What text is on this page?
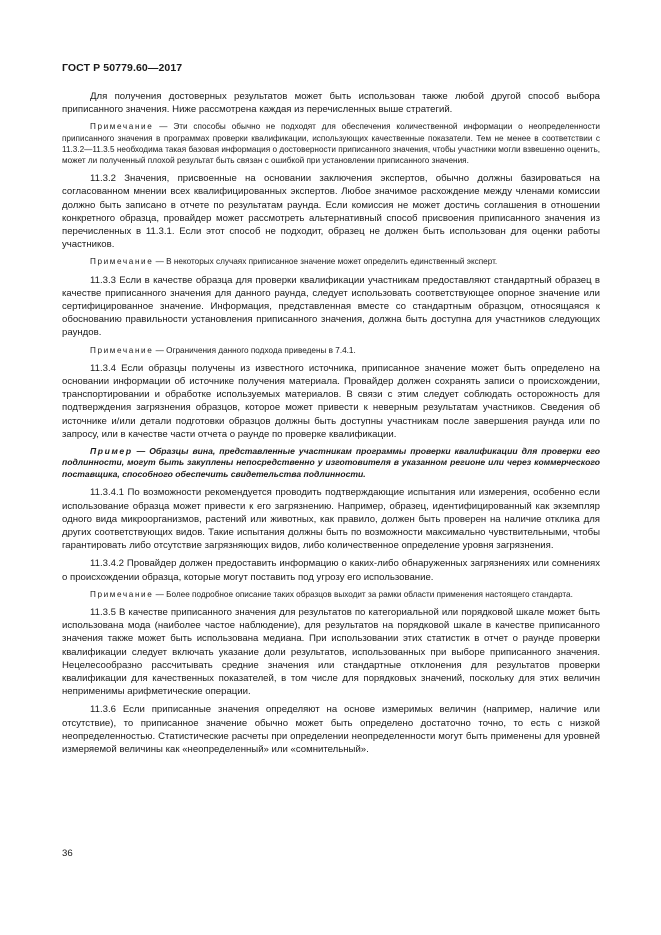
ГОСТ Р 50779.60—2017

Для получения достоверных результатов может быть использован также любой другой способ выбора приписанного значения. Ниже рассмотрена каждая из перечисленных выше стратегий.

Примечание — Эти способы обычно не подходят для обеспечения количественной информации о неопределенности приписанного значения в программах проверки квалификации, использующих качественные показатели. Тем не менее в соответствии с 11.3.2—11.3.5 необходима такая базовая информация о достоверности приписанного значения, чтобы участники могли взвешенно оценить, может ли полученный плохой результат быть связан с ошибкой при установлении приписанного значения.

11.3.2 Значения, присвоенные на основании заключения экспертов, обычно должны базироваться на согласованном мнении всех квалифицированных экспертов. Любое значимое расхождение между членами комиссии должно быть записано в отчете по результатам раунда. Если комиссия не может достичь соглашения в отношении конкретного образца, провайдер может рассмотреть альтернативный способ присвоения приписанного значения из перечисленных в 11.3.1. Если этот способ не подходит, образец не должен быть использован для оценки работы участников.

Примечание — В некоторых случаях приписанное значение может определить единственный эксперт.

11.3.3 Если в качестве образца для проверки квалификации участникам предоставляют стандартный образец в качестве приписанного значения для данного раунда, следует использовать соответствующее опорное значение или сертифицированное значение. Информация, представленная вместе со стандартным образцом, относящаяся к обоснованию правильности установления приписанного значения, должна быть доступна для участников следующих раундов.

Примечание — Ограничения данного подхода приведены в 7.4.1.

11.3.4 Если образцы получены из известного источника, приписанное значение может быть определено на основании информации об источнике получения материала. Провайдер должен сохранять записи о происхождении, транспортировании и обработке используемых материалов. В связи с этим следует соблюдать осторожность для подтверждения загрязнения образцов, которое может привести к неверным результатам участников. Сведения об источнике и/или детали подготовки образцов должны быть доступны участникам после завершения раунда или по запросу, или в качестве части отчета о раунде по проверке квалификации.

Пример — Образцы вина, представленные участникам программы проверки квалификации для проверки его подлинности, могут быть закуплены непосредственно у изготовителя в указанном регионе или через коммерческого поставщика, способного обеспечить свидетельства подлинности.

11.3.4.1 По возможности рекомендуется проводить подтверждающие испытания или измерения, особенно если использование образца может привести к его загрязнению. Например, образец, идентифицированный как экземпляр одного вида микроорганизмов, растений или животных, как правило, должен быть проверен на наличие отклика для других соответствующих видов. Такие испытания должны быть по возможности максимально чувствительными, чтобы гарантировать либо отсутствие загрязняющих видов, либо количественное определение уровня загрязнения.

11.3.4.2 Провайдер должен предоставить информацию о каких-либо обнаруженных загрязнениях или сомнениях о происхождении образца, которые могут поставить под угрозу его использование.

Примечание — Более подробное описание таких образцов выходит за рамки области применения настоящего стандарта.

11.3.5 В качестве приписанного значения для результатов по категориальной или порядковой шкале может быть использована мода (наиболее частое наблюдение), для результатов на порядковой шкале в качестве приписанного значения также может быть использована медиана. При использовании этих статистик в отчет о раунде проверки квалификации следует включать указание доли результатов, использованных при выборе приписанного значения. Нецелесообразно рассчитывать средние значения или стандартные отклонения для результатов проверки квалификации для качественных показателей, в том числе для порядковых значений, поскольку для этих величин неприменимы арифметические операции.

11.3.6 Если приписанные значения определяют на основе измеримых величин (например, наличие или отсутствие), то приписанное значение обычно может быть определено достаточно точно, то есть с низкой неопределенностью. Статистические расчеты при определении неопределенности могут быть применены для уровней измеряемой величины как «неопределенный» или «сомнительный».

36
